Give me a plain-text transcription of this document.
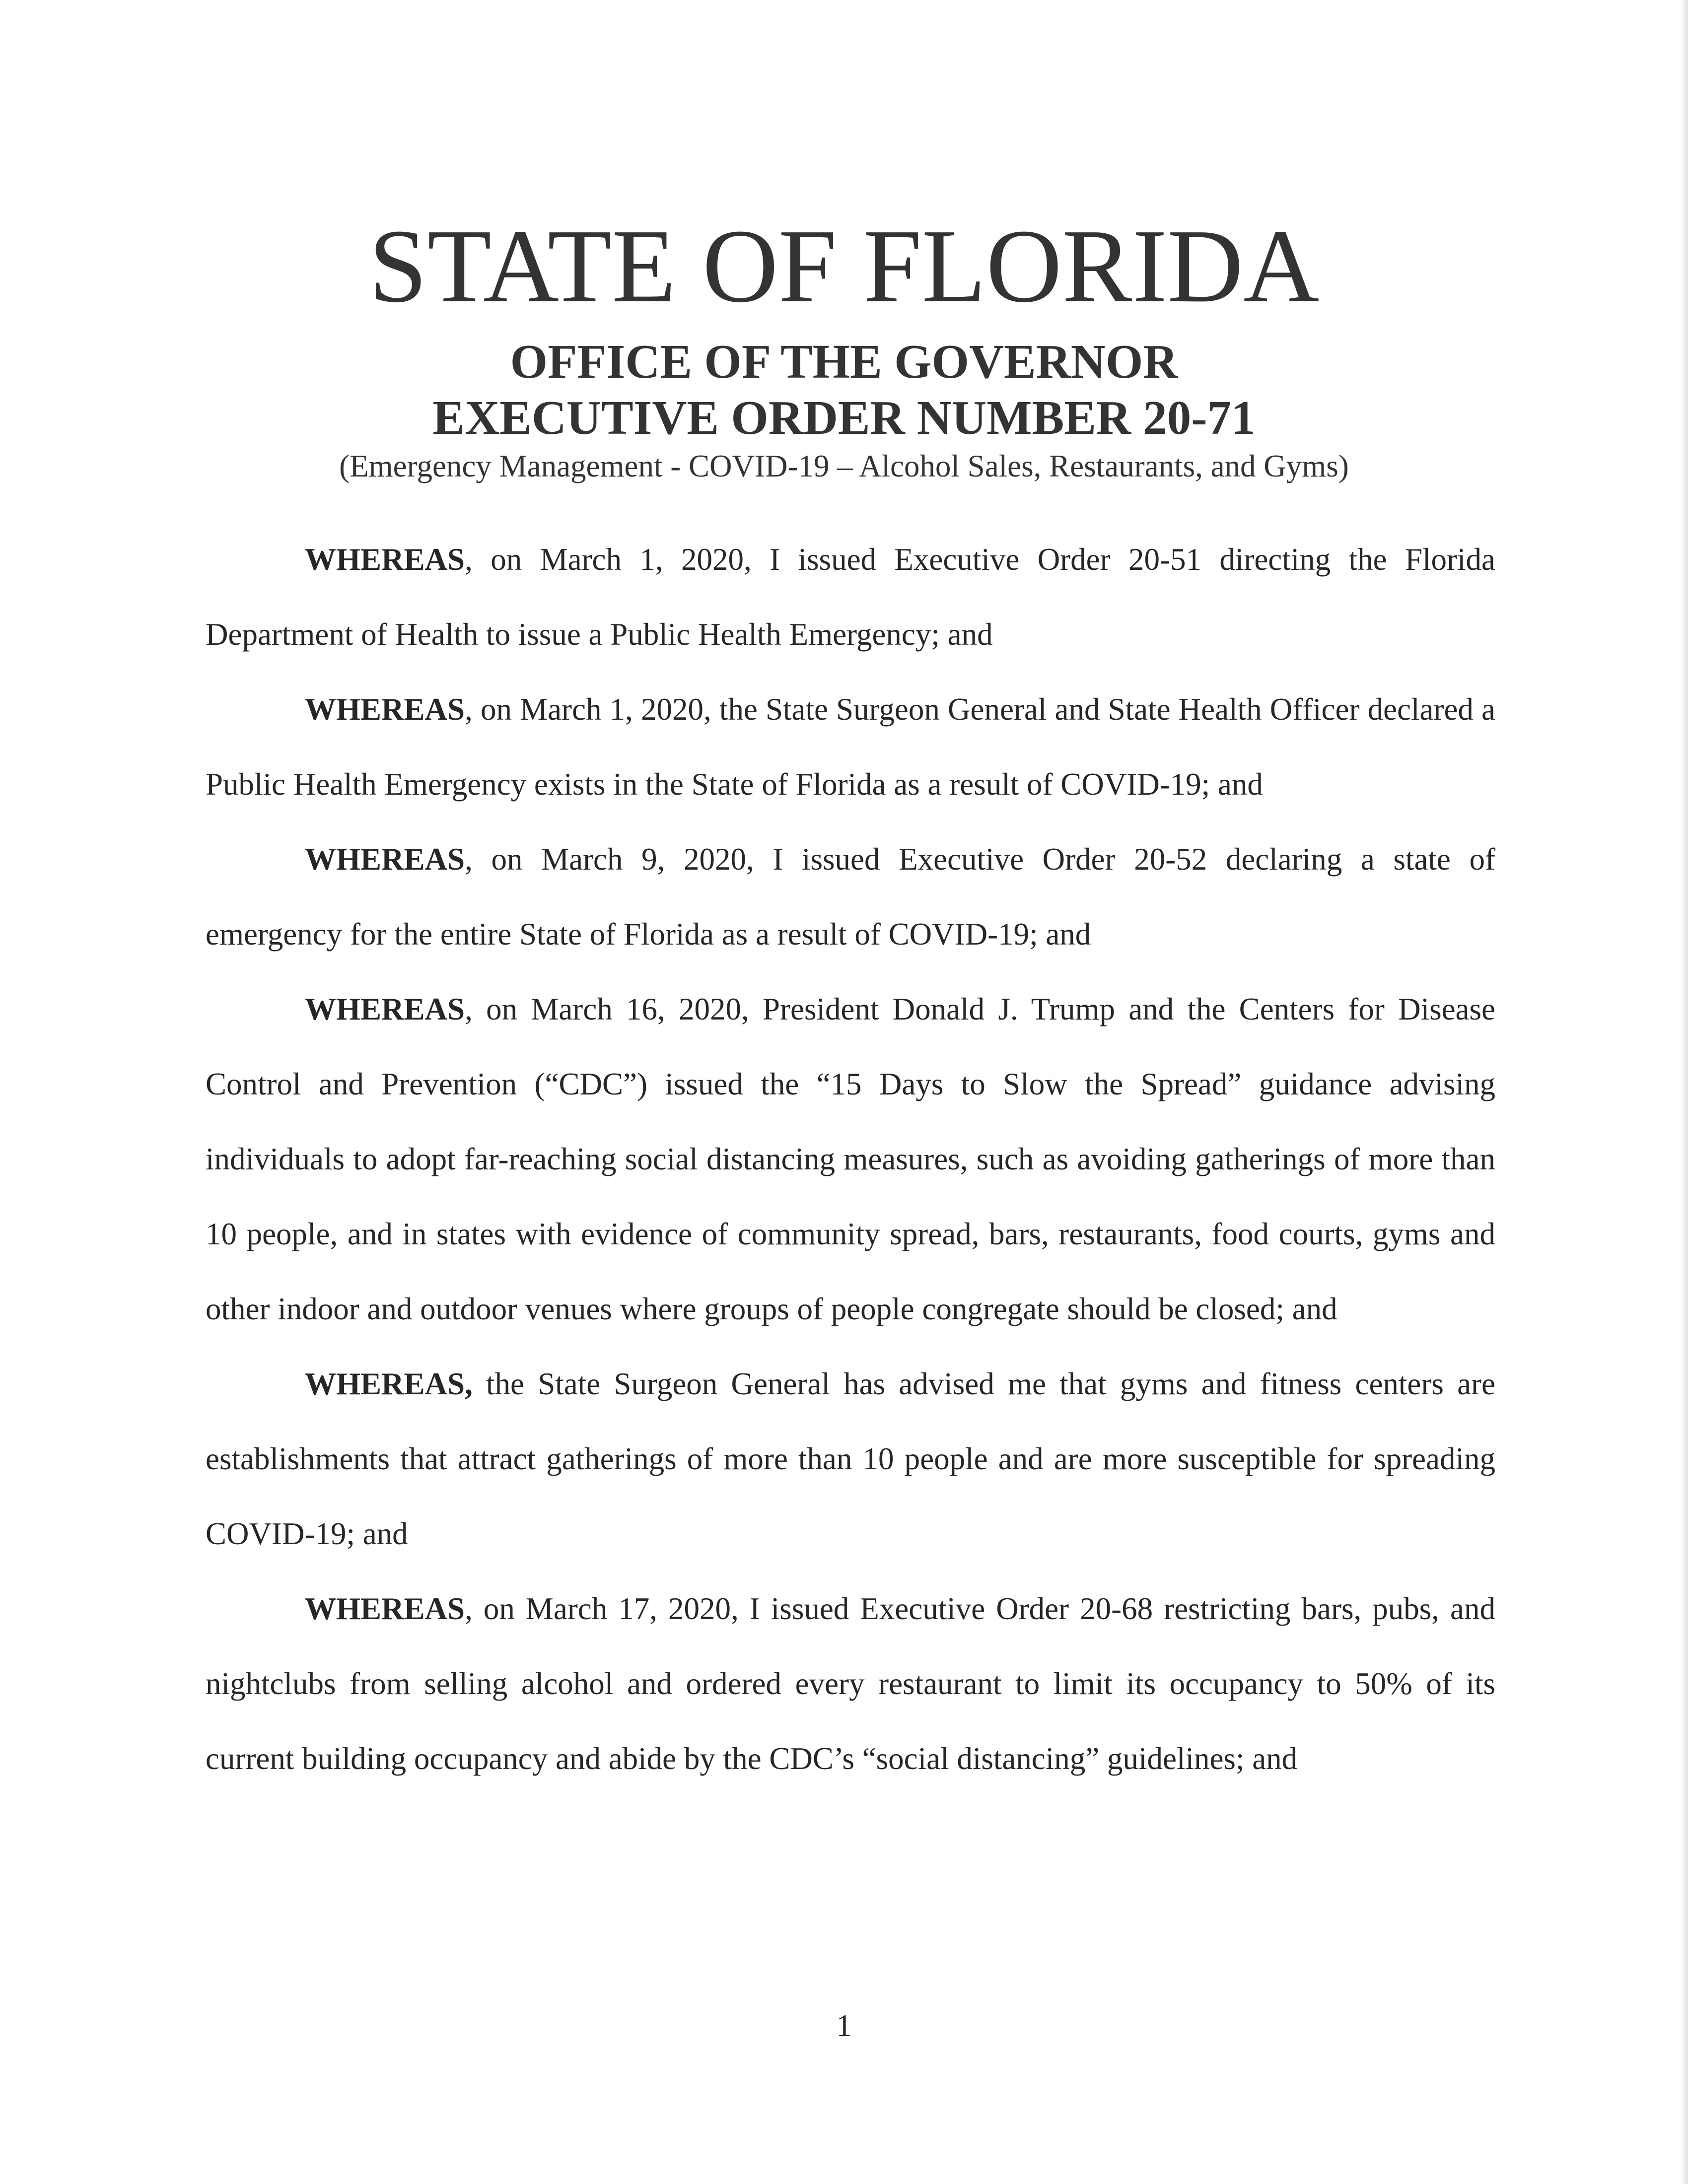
STATE OF FLORIDA
OFFICE OF THE GOVERNOR
EXECUTIVE ORDER NUMBER 20-71
(Emergency Management - COVID-19 – Alcohol Sales, Restaurants, and Gyms)

WHEREAS, on March 1, 2020, I issued Executive Order 20-51 directing the Florida Department of Health to issue a Public Health Emergency; and

WHEREAS, on March 1, 2020, the State Surgeon General and State Health Officer declared a Public Health Emergency exists in the State of Florida as a result of COVID-19; and

WHEREAS, on March 9, 2020, I issued Executive Order 20-52 declaring a state of emergency for the entire State of Florida as a result of COVID-19; and

WHEREAS, on March 16, 2020, President Donald J. Trump and the Centers for Disease Control and Prevention (“CDC”) issued the “15 Days to Slow the Spread” guidance advising individuals to adopt far-reaching social distancing measures, such as avoiding gatherings of more than 10 people, and in states with evidence of community spread, bars, restaurants, food courts, gyms and other indoor and outdoor venues where groups of people congregate should be closed; and

WHEREAS, the State Surgeon General has advised me that gyms and fitness centers are establishments that attract gatherings of more than 10 people and are more susceptible for spreading COVID-19; and

WHEREAS, on March 17, 2020, I issued Executive Order 20-68 restricting bars, pubs, and nightclubs from selling alcohol and ordered every restaurant to limit its occupancy to 50% of its current building occupancy and abide by the CDC’s “social distancing” guidelines; and

1
